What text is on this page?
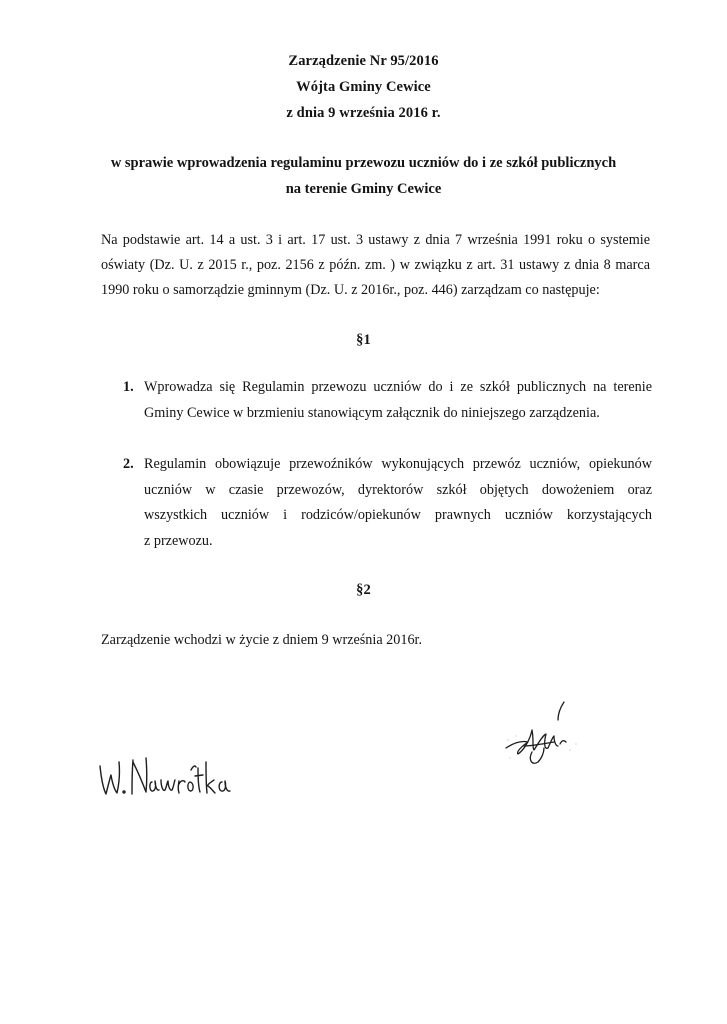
Zarządzenie Nr 95/2016
Wójta Gminy Cewice
z dnia 9 września 2016 r.
w sprawie wprowadzenia regulaminu przewozu uczniów do i ze szkół publicznych
na terenie Gminy Cewice
Na podstawie art. 14 a ust. 3 i art. 17 ust. 3 ustawy z dnia 7 września 1991 roku o systemie
oświaty (Dz. U. z 2015 r., poz. 2156 z późn. zm. ) w związku z art. 31 ustawy z dnia 8 marca
1990 roku o samorządzie gminnym (Dz. U. z 2016r., poz. 446) zarządzam co następuje:
§1
1. Wprowadza się Regulamin przewozu uczniów do i ze szkół publicznych na terenie
Gminy Cewice w brzmieniu stanowiącym załącznik do niniejszego zarządzenia.
2. Regulamin obowiązuje przewoźników wykonujących przewóz uczniów, opiekunów
uczniów w czasie przewozów, dyrektorów szkół objętych dowożeniem oraz
wszystkich uczniów i rodziców/opiekunów prawnych uczniów korzystających
z przewozu.
§2
Zarządzenie wchodzi w życie z dniem 9 września 2016r.
